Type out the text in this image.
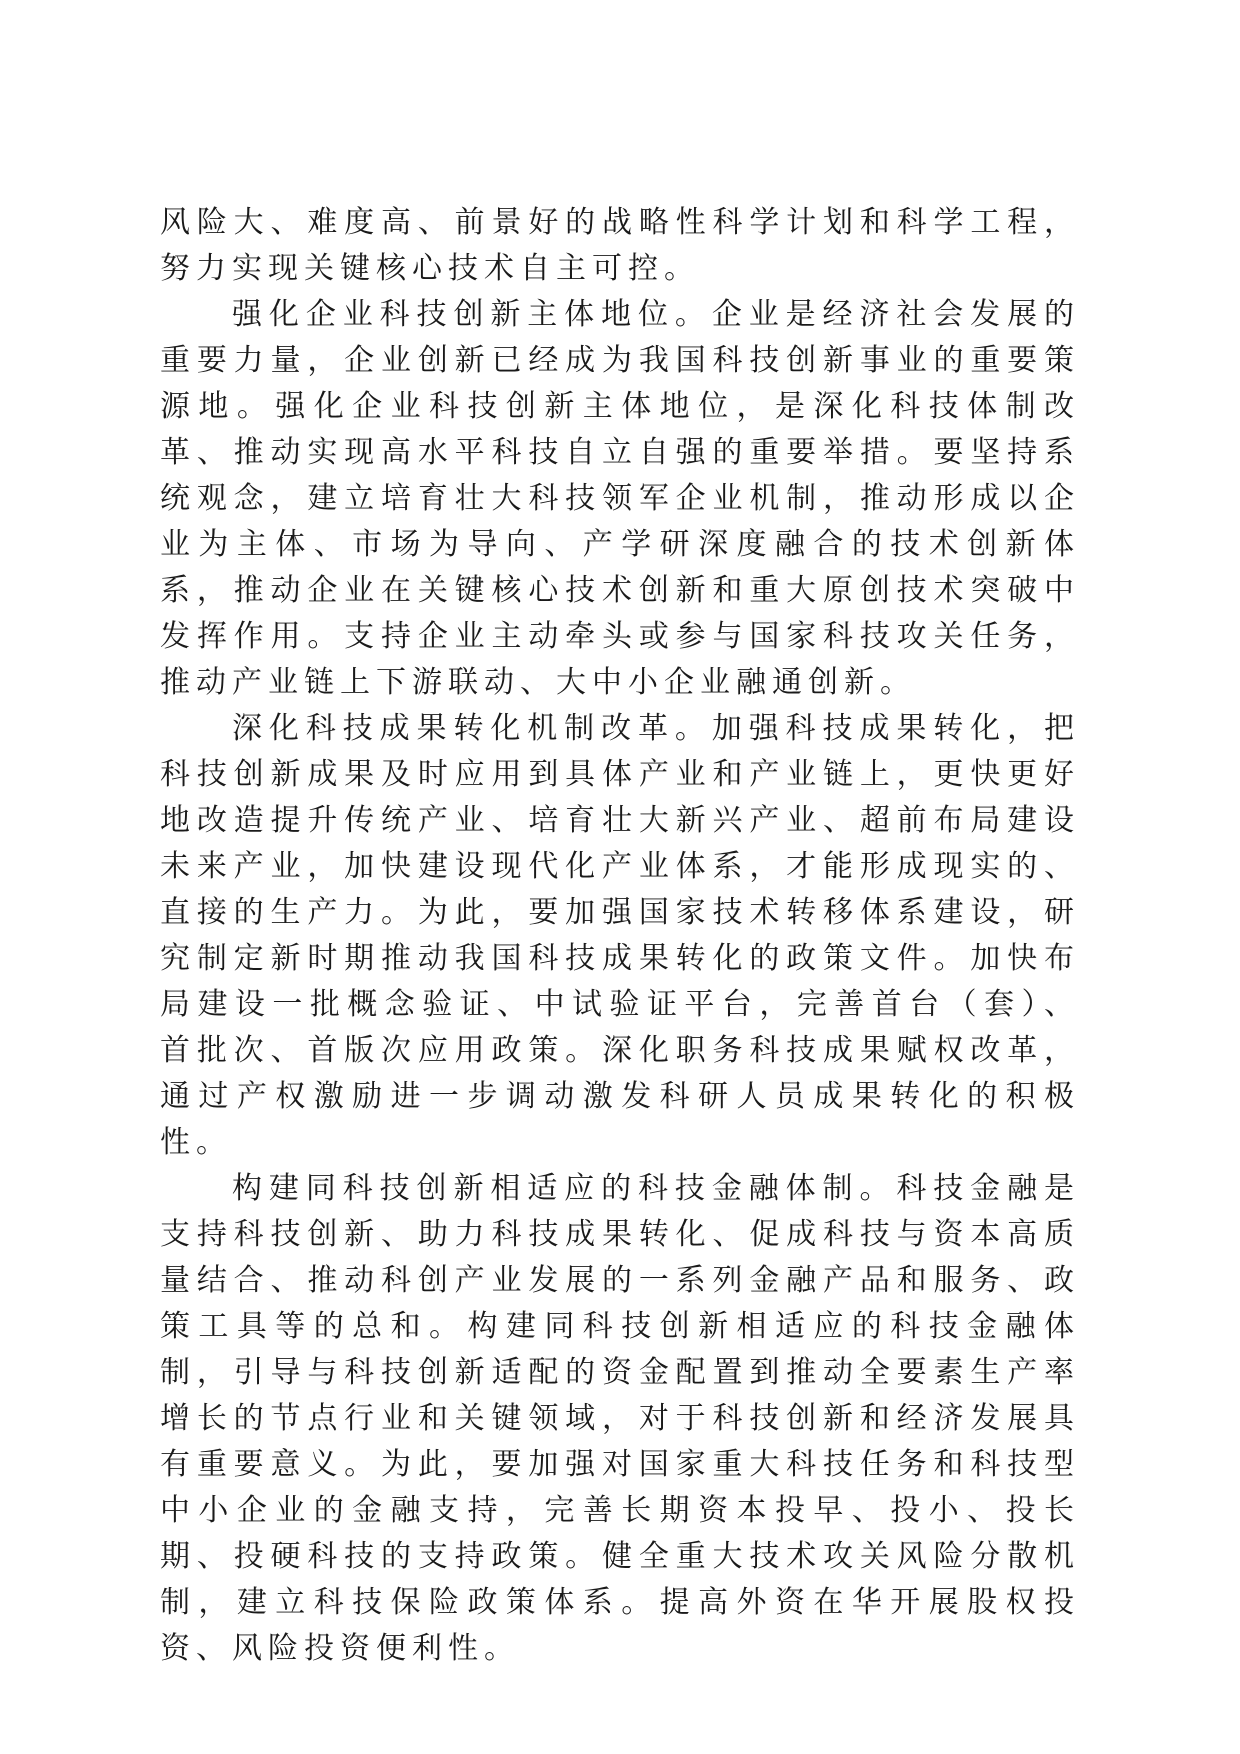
风险大、难度高、前景好的战略性科学计划和科学工程，努力实现关键核心技术自主可控。

强化企业科技创新主体地位。企业是经济社会发展的重要力量，企业创新已经成为我国科技创新事业的重要策源地。强化企业科技创新主体地位，是深化科技体制改革、推动实现高水平科技自立自强的重要举措。要坚持系统观念，建立培育壮大科技领军企业机制，推动形成以企业为主体、市场为导向、产学研深度融合的技术创新体系，推动企业在关键核心技术创新和重大原创技术突破中发挥作用。支持企业主动牵头或参与国家科技攻关任务，推动产业链上下游联动、大中小企业融通创新。

深化科技成果转化机制改革。加强科技成果转化，把科技创新成果及时应用到具体产业和产业链上，更快更好地改造提升传统产业、培育壮大新兴产业、超前布局建设未来产业，加快建设现代化产业体系，才能形成现实的、直接的生产力。为此，要加强国家技术转移体系建设，研究制定新时期推动我国科技成果转化的政策文件。加快布局建设一批概念验证、中试验证平台，完善首台（套）、首批次、首版次应用政策。深化职务科技成果赋权改革，通过产权激励进一步调动激发科研人员成果转化的积极性。

构建同科技创新相适应的科技金融体制。科技金融是支持科技创新、助力科技成果转化、促成科技与资本高质量结合、推动科创产业发展的一系列金融产品和服务、政策工具等的总和。构建同科技创新相适应的科技金融体制，引导与科技创新适配的资金配置到推动全要素生产率增长的节点行业和关键领域，对于科技创新和经济发展具有重要意义。为此，要加强对国家重大科技任务和科技型中小企业的金融支持，完善长期资本投早、投小、投长期、投硬科技的支持政策。健全重大技术攻关风险分散机制，建立科技保险政策体系。提高外资在华开展股权投资、风险投资便利性。
